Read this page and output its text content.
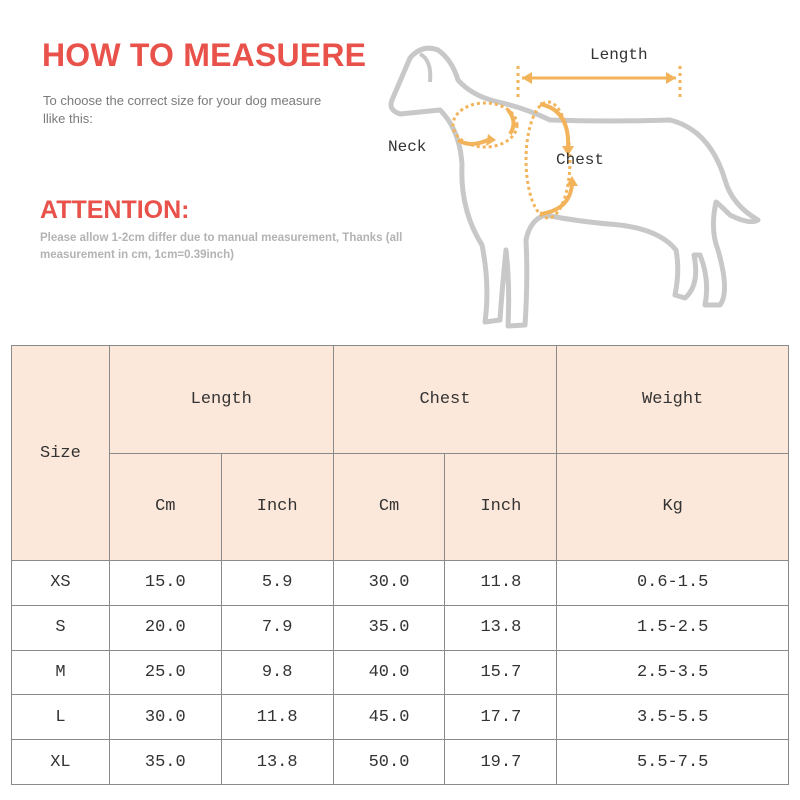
HOW TO MEASUERE
To choose the correct size for your dog measure llike this:
ATTENTION:
Please allow 1-2cm differ due to manual measurement, Thanks (all measurement in cm, 1cm=0.39inch)
Length
Neck
Chest
Size	Length		Chest		Weight
	Cm	Inch	Cm	Inch	Kg
XS	15.0	5.9	30.0	11.8	0.6-1.5
S	20.0	7.9	35.0	13.8	1.5-2.5
M	25.0	9.8	40.0	15.7	2.5-3.5
L	30.0	11.8	45.0	17.7	3.5-5.5
XL	35.0	13.8	50.0	19.7	5.5-7.5
